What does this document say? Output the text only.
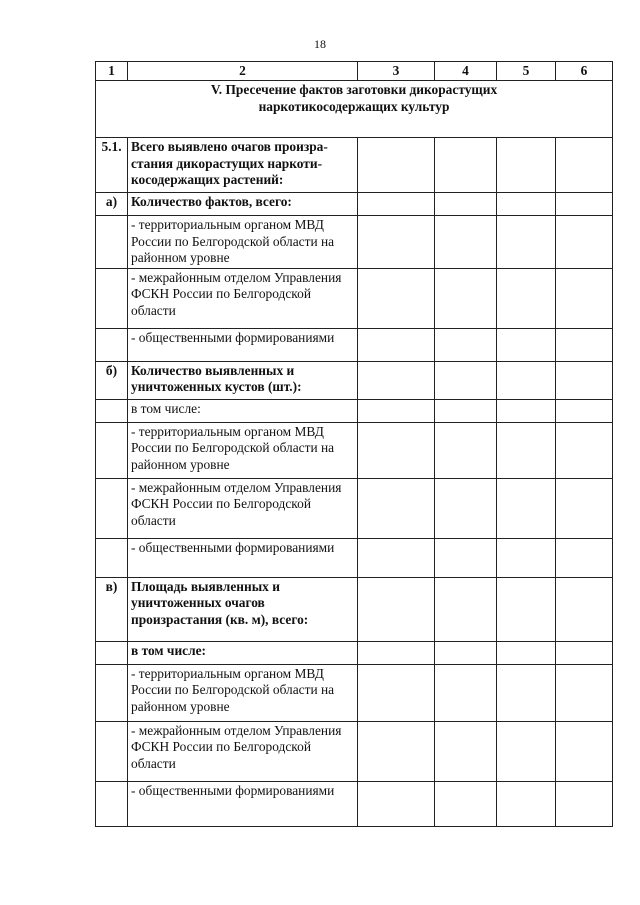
18
1	2	3	4	5	6

V. Пресечение фактов заготовки дикорастущих
наркотикосодержащих культур					

5.1.	Всего выявлено очагов произра-стания дикорастущих наркоти-косодержащих растений:				
а)	Количество фактов, всего:				
	- территориальным органом МВД России по Белгородской области на районном уровне				
	- межрайонным отделом Управления ФСКН России по Белгородской области				
	- общественными формированиями				
б)	Количество выявленных и уничтоженных кустов (шт.):				
	в том числе:				
	- территориальным органом МВД России по Белгородской области на районном уровне				
	- межрайонным отделом Управления ФСКН России по Белгородской области				
	- общественными формированиями				
в)	Площадь выявленных и уничтоженных очагов произрастания (кв. м), всего:				
	в том числе:				
	- территориальным органом МВД России по Белгородской области на районном уровне				
	- межрайонным отделом Управления ФСКН России по Белгородской области				
	- общественными формированиями				
